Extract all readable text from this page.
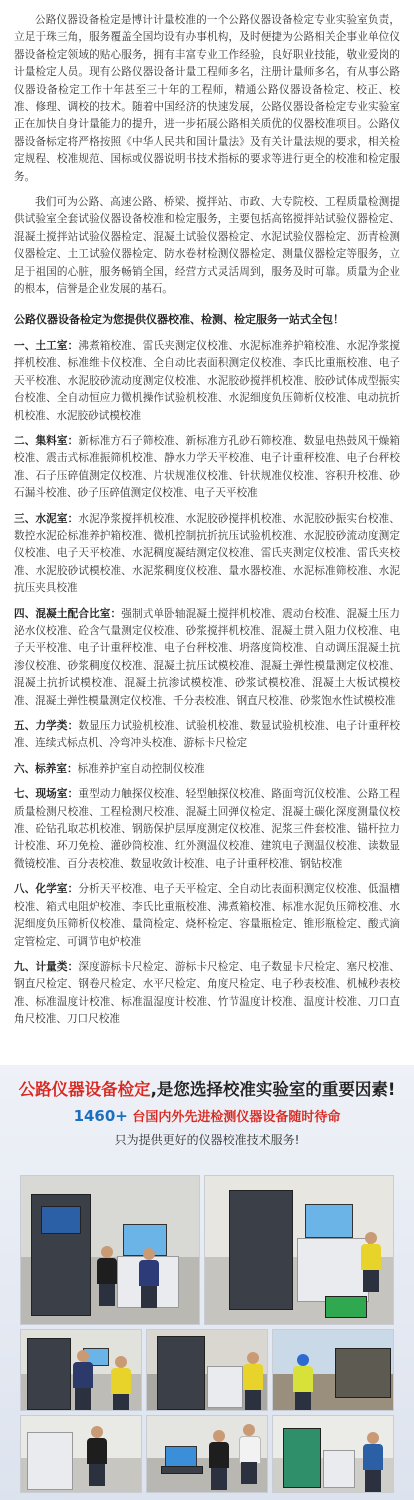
公路仪器设备检定是博计计量校准的一个公路仪器设备检定专业实验室负责，立足于珠三角，服务覆盖全国均设有办事机构，及时便捷为公路相关企事业单位仪器设备检定领域的贴心服务，拥有丰富专业工作经验，良好职业技能，敬业爱岗的计量检定人员。现有公路仪器设备计量工程师多名，注册计量师多名，有从事公路仪器设备检定工作十年甚至三十年的工程师，精通公路仪器设备检定、校正、校准、修理、调校的技术。随着中国经济的快速发展，公路仪器设备检定专业实验室正在加快自身计量能力的提升，进一步拓展公路相关质优的仪器校准项目。公路仪器设备标定将严格按照《中华人民共和国计量法》及有关计量法规的要求，相关检定规程、校准规范、国标或仪器说明书技术指标的要求等进行更全的校准和检定服务。

我们可为公路、高速公路、桥梁、搅拌站、市政、大专院校、工程质量检测提供试验室全套试验仪器设备校准和检定服务，主要包括高铭搅拌站试验仪器检定、混凝土搅拌站试验仪器检定、混凝土试验仪器检定、水泥试验仪器检定、沥青检测仪器检定、土工试验仪器检定、防水卷材检测仪器检定、测量仪器检定等服务，立足于祖国的心脏，服务畅销全国，经营方式灵活周到，服务及时可靠。质量为企业的根本，信誉是企业发展的基石。

公路仪器设备检定为您提供仪器校准、检测、检定服务一站式全包！

一、土工室：沸煮箱校准、雷氏夹测定仪校准、水泥标准养护箱校准、水泥净浆搅拌机校准、标准维卡仪校准、全自动比表面积测定仪校准、李氏比重瓶校准、电子天平校准、水泥胶砂流动度测定仪校准、水泥胶砂搅拌机校准、胶砂试体成型振实台校准、全自动恒应力微机操作试验机校准、水泥细度负压筛析仪校准、电动抗折机校准、水泥胶砂试模校准
二、集料室：新标准方石子筛校准、新标准方孔砂石筛校准、数显电热鼓风干燥箱校准、震击式标准振筛机校准、静水力学天平校准、电子计重秤校准、电子台秤校准、石子压碎值测定仪校准、片状规准仪校准、针状规准仪校准、容积升校准、砂石漏斗校准、砂子压碎值测定仪校准、电子天平校准
三、水泥室：水泥净浆搅拌机校准、水泥胶砂搅拌机校准、水泥胶砂振实台校准、数控水泥砼标准养护箱校准、微机控制抗折抗压试验机校准、水泥胶砂流动度测定仪校准、电子天平校准、水泥稠度凝结测定仪校准、雷氏夹测定仪校准、雷氏夹校准、水泥胶砂试模校准、水泥浆稠度仪校准、量水器校准、水泥标准筛校准、水泥抗压夹具校准
四、混凝土配合比室：强制式单卧轴混凝土搅拌机校准、震动台校准、混凝土压力泌水仪校准、砼含气量测定仪校准、砂浆搅拌机校准、混凝土贯入阻力仪校准、电子天平校准、电子计重秤校准、电子台秤校准、坍落度筒校准、自动调压混凝土抗渗仪校准、砂浆稠度仪校准、混凝土抗压试模校准、混凝土弹性模量测定仪校准、混凝土抗折试模校准、混凝土抗渗试模校准、砂浆试模校准、混凝土大板试模校准、混凝土弹性模量测定仪校准、千分表校准、钢直尺校准、砂浆饱水性试模校准
五、力学类：数显压力试验机校准、试验机校准、数显试验机校准、电子计重秤校准、连续式标点机、冷弯冲头校准、游标卡尺检定
六、标养室：标准养护室自动控制仪校准
七、现场室：重型动力触探仪校准、轻型触探仪校准、路面弯沉仪校准、公路工程质量检测尺校准、工程检测尺校准、混凝土回弹仪检定、混凝土碳化深度测量仪校准、砼钻孔取芯机校准、钢筋保护层厚度测定仪校准、泥浆三件套校准、锚杆拉力计校准、环刀免检、灌砂筒校准、红外测温仪校准、建筑电子测温仪校准、读数显微镜校准、百分表校准、数显收敛计校准、电子计重秤校准、钢钻校准
八、化学室：分析天平校准、电子天平检定、全自动比表面积测定仪校准、低温槽校准、箱式电阻炉校准、李氏比重瓶校准、沸煮箱校准、标准水泥负压筛校准、水泥细度负压筛析仪校准、量筒检定、烧杯检定、容量瓶检定、锥形瓶检定、酸式滴定管检定、可调节电炉校准
九、计量类：深度游标卡尺检定、游标卡尺检定、电子数显卡尺检定、塞尺校准、钢直尺检定、钢卷尺检定、水平尺检定、角度尺检定、电子秒表校准、机械秒表校准、标准温度计校准、标准温湿度计校准、竹节温度计校准、温度计校准、刀口直角尺校准、刀口尺校准
公路仪器设备检定,是您选择校准实验室的重要因素!
1460+ 台国内外先进检测仪器设备随时待命
只为提供更好的仪器校准技术服务!
